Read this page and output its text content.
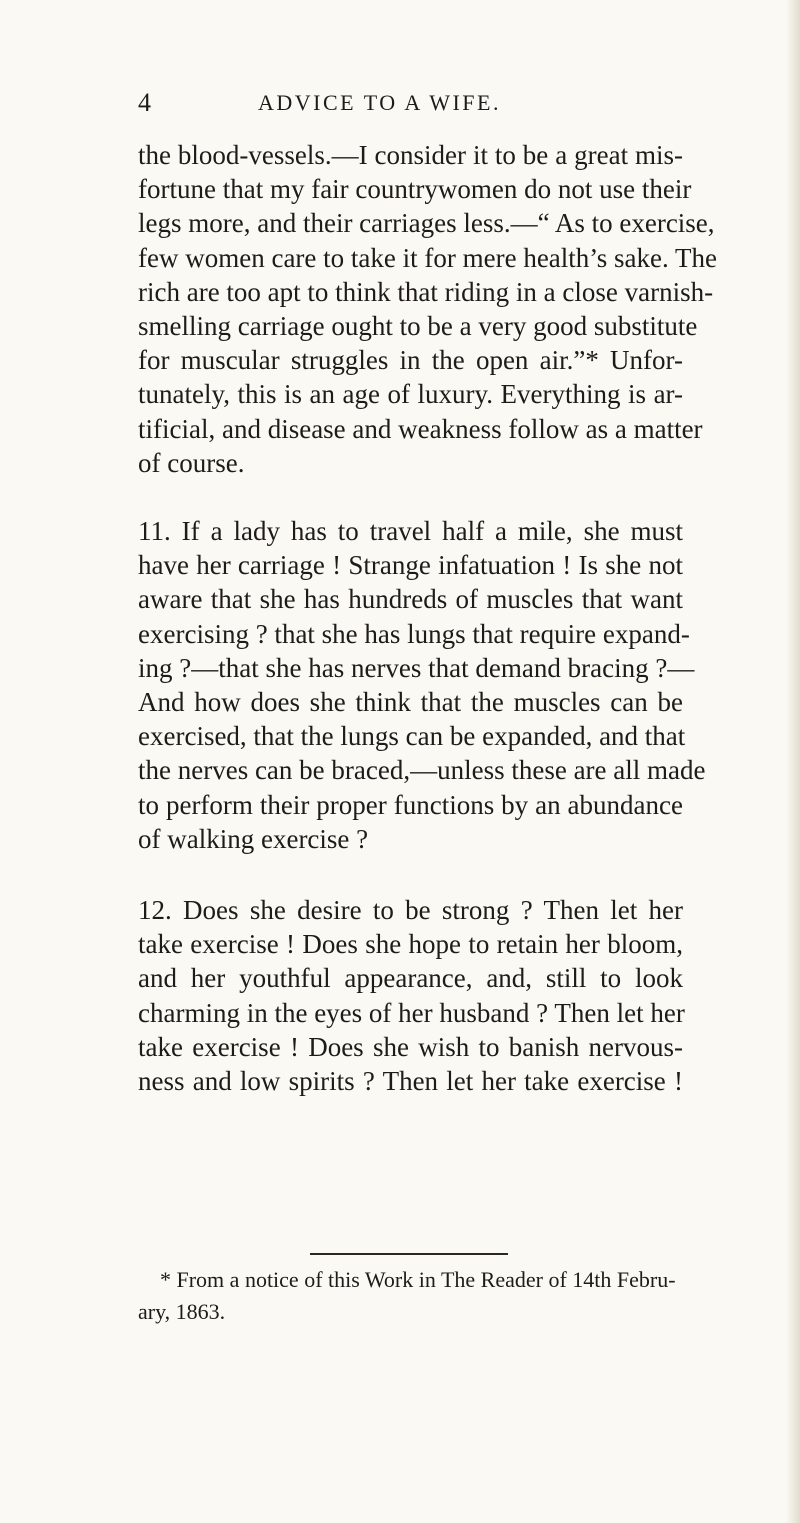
4	ADVICE TO A WIFE.
the blood-vessels.—I consider it to be a great mis-
fortune that my fair countrywomen do not use their
legs more, and their carriages less.—“ As to exercise,
few women care to take it for mere health’s sake. The
rich are too apt to think that riding in a close varnish-
smelling carriage ought to be a very good substitute
for muscular struggles in the open air.”* Unfor-
tunately, this is an age of luxury. Everything is ar-
tificial, and disease and weakness follow as a matter
of course.
11. If a lady has to travel half a mile, she must
have her carriage ! Strange infatuation ! Is she not
aware that she has hundreds of muscles that want
exercising ? that she has lungs that require expand-
ing ?—that she has nerves that demand bracing ?—
And how does she think that the muscles can be
exercised, that the lungs can be expanded, and that
the nerves can be braced,—unless these are all made
to perform their proper functions by an abundance
of walking exercise ?
12. Does she desire to be strong ? Then let her
take exercise ! Does she hope to retain her bloom,
and her youthful appearance, and, still to look
charming in the eyes of her husband ? Then let her
take exercise ! Does she wish to banish nervous-
ness and low spirits ? Then let her take exercise !
* From a notice of this Work in The Reader of 14th Febru-
ary, 1863.
